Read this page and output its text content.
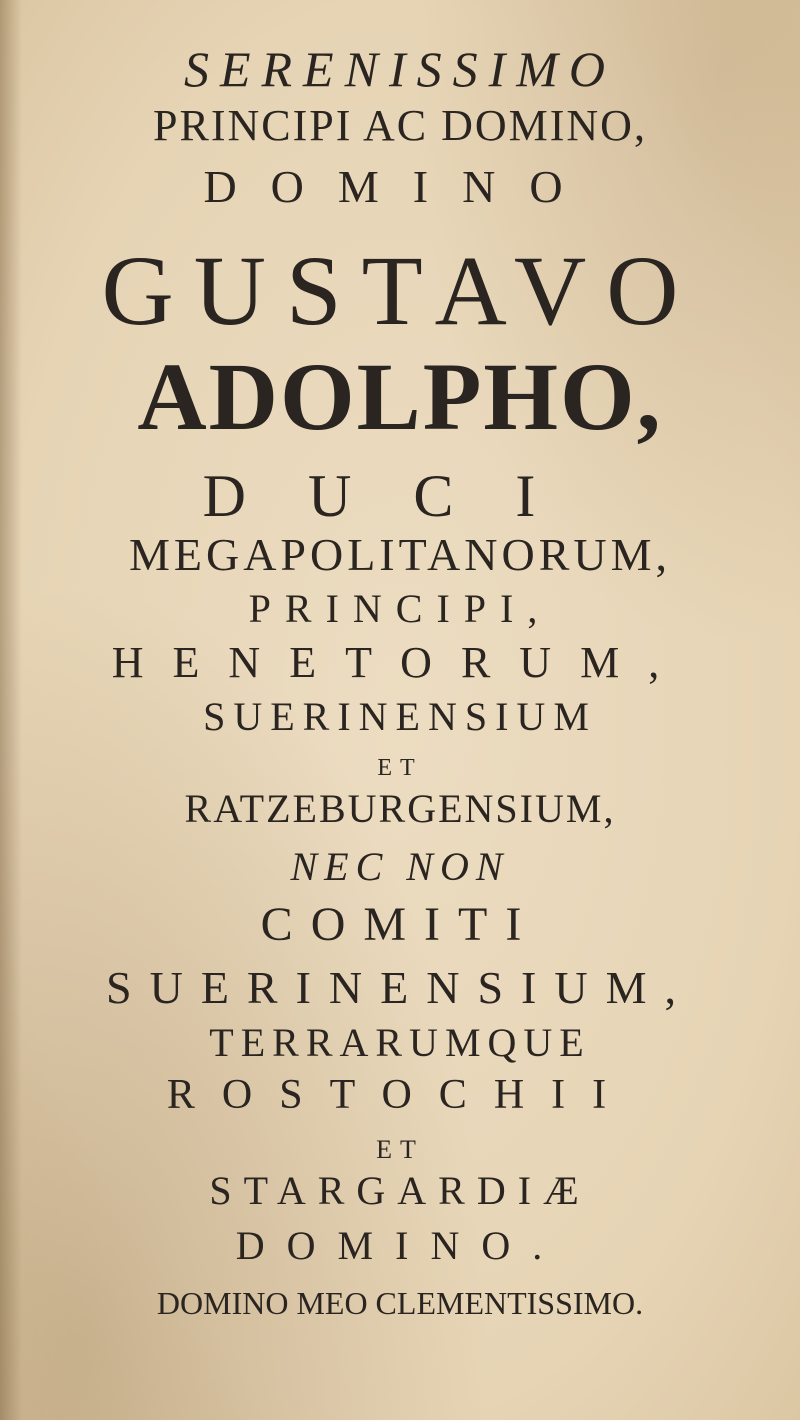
SERENISSIMO
PRINCIPI AC DOMINO,
DOMINO
GUSTAVO
ADOLPHO,
DUCI
MEGAPOLITANORUM,
PRINCIPI,
HENETORUM,
SUERINENSIUM
ET
RATZEBURGENSIUM,
NEC NON
COMITI
SUERINENSIUM,
TERRARUMQUE
ROSTOCHII
ET
STARGARDIÆ
DOMINO.
DOMINO MEO CLEMENTISSIMO.
